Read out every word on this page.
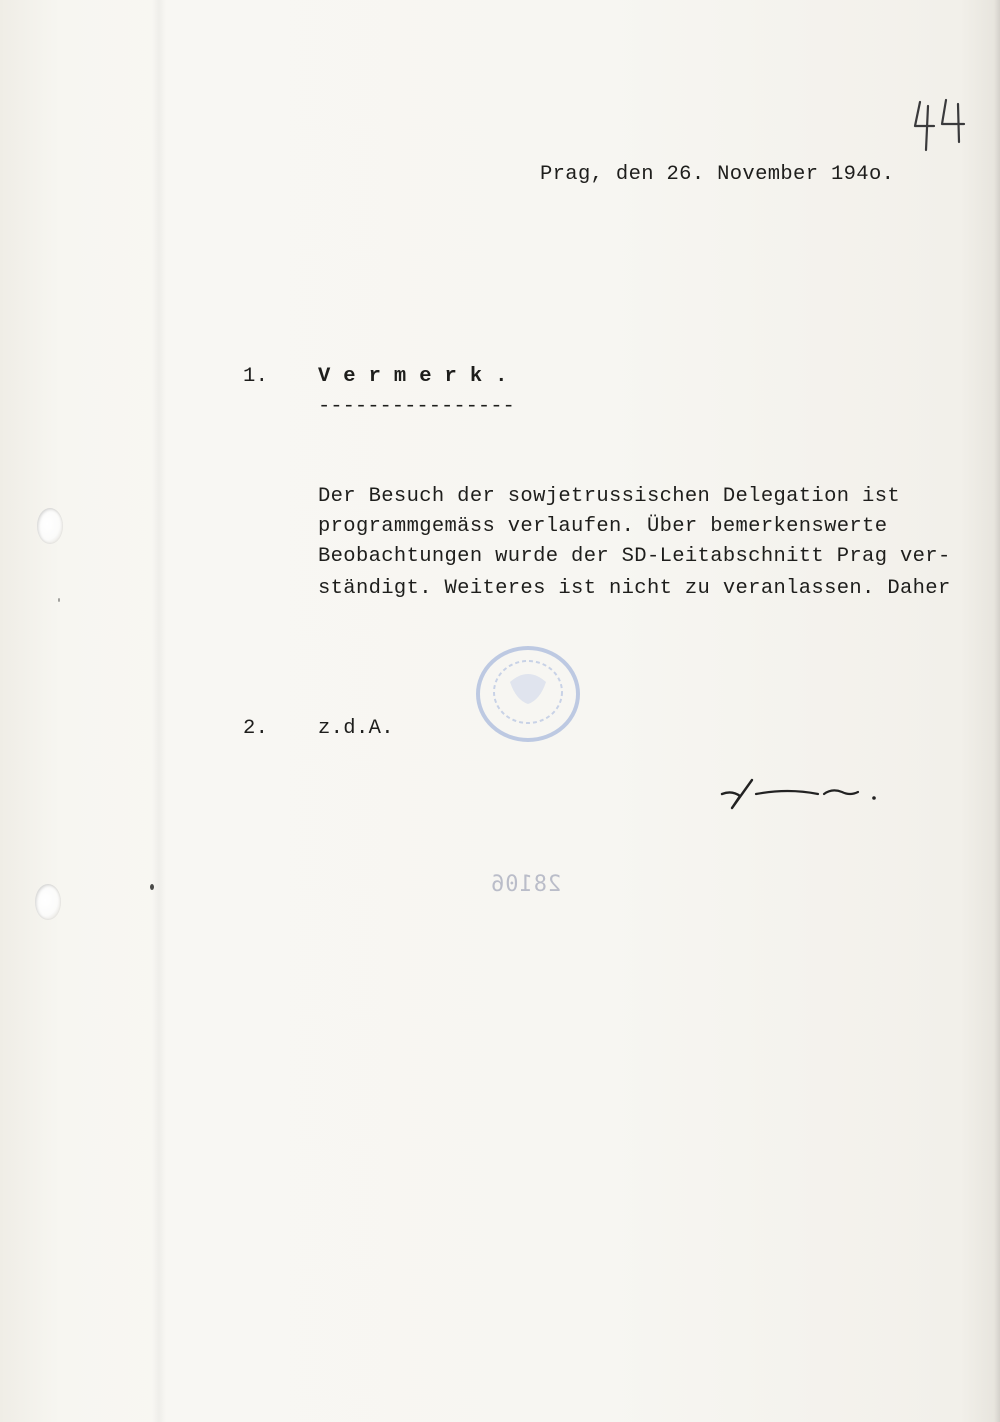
Prag, den 26. November 194o.
1. V e r m e r k .
----------------
Der Besuch der sowjetrussischen Delegation ist
programmgemäss verlaufen. Über bemerkenswerte
Beobachtungen wurde der SD-Leitabschnitt Prag ver-
ständigt. Weiteres ist nicht zu veranlassen. Daher
2. z.d.A.
28106
